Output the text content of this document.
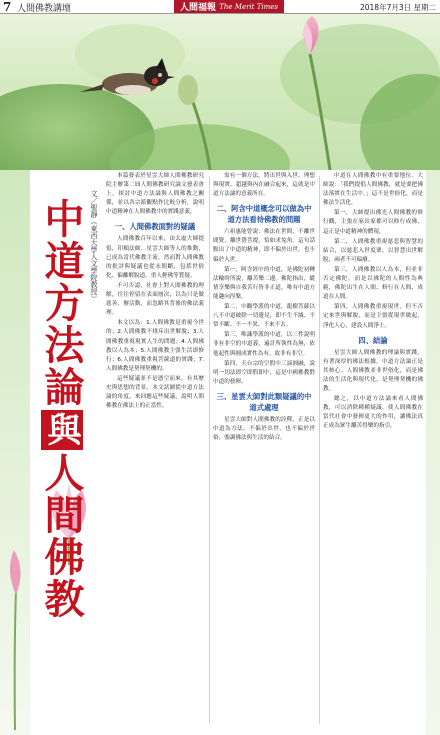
7 人間佛教講壇	人間福報 The Merit Times	2018年7月3日 星期二
中道方法論與人間佛教
文／聖靜（東西大學人文學院教授）

本篇發表於星雲大師人間佛教研究院主辦第二屆人間佛教研究論文發表會上，探討中道方法論與人間佛教之關係，並以各宗派觀點作比較分析，說明中道精神在人間佛教中的實踐意義。

一、人間佛教面對的疑議

人間佛教百年以來，由太虛大師提倡，印順法師、星雲大師等人的推動，已成為當代佛教主流。然而對人間佛教的批評與疑議也從未間斷，包括世俗化、偏離解脫道、重人輕佛等質疑。

不可否認，社會上對人間佛教的理解，往往停留在表面層次，以為只是做慈善、辦活動，而忽略其背後的佛法義理。

本文以為：1.人間佛教是重視今世的；2.人間佛教不排斥出世解脫；3.人間佛教重視現實人生的問題；4.人間佛教以人為本；5.人間佛教主張生活即修行；6.人間佛教重視菩薩道的實踐；7.人間佛教是契理契機的。

這些疑議並不是憑空而來，有其歷史與思想的背景，本文試圖從中道方法論的角度，來回應這些疑議，說明人間佛教在佛法上的正當性。

需有一個方法，將出世與入世、理想與現實、超越與內在融合起來，這就是中道方法論的意義所在。

二、阿含中道概念可以做為中道方法看待佛教的問題

六祖惠能曾說：佛法在世間，不離世間覺，離世覺菩提，恰如求兔角。這句話點出了中道的精神，即不偏於出世，也不偏於入世。

第一，阿含經中的中道，是佛陀初轉法輪時所說，離苦樂二邊。佛陀指出，縱情享樂與自我苦行皆非正道，唯有中道方能趣向涅槃。

第二，中觀學派的中道，龍樹菩薩以八不中道破除一切邊見，即不生不滅、不常不斷、不一不異、不來不去。

第三，唯識學派的中道，以三性說明非有非空的中道義，遍計所執性為無，依他起性與圓成實性為有，故非有非空。

第四，天台宗的空假中三諦圓融，說明一切法即空即假即中，這是中國佛教對中道的發揮。

三、星雲大師對此類疑議的中道式處理

星雲大師對人間佛教的詮釋，正是以中道為方法，不偏於出世，也不偏於世俗，強調佛法與生活的結合。

中道在人間佛教中有重要地位。大師說：「我們提倡人間佛教，就是要把佛法落實在生活中。」這不是世俗化，而是佛法生活化。

第一，大師提出佛光人間佛教的修行觀，主張在家出家都可以修行成佛，這正是中道精神的體現。

第二，人間佛教重視慈悲與智慧的結合，以慈悲入世度眾，以智慧出世解脫，兩者不可偏廢。

第三，人間佛教以人為本，但並非否定佛陀，而是以佛陀的人間性為典範，佛陀出生在人間、修行在人間、成道在人間。

第四，人間佛教重視現世，但不否定來世與解脫，而是主張從現世做起，淨化人心，建設人間淨土。

四、結論

星雲大師人間佛教的理論與實踐，有著深厚的佛法根據，中道方法論正是其核心。人間佛教並非世俗化，而是佛法的生活化與現代化，是契理契機的佛教。

總之，以中道方法論來看人間佛教，可以消除種種疑議，使人間佛教在當代社會中發揮更大的作用，讓佛法真正成為眾生離苦得樂的指引。
